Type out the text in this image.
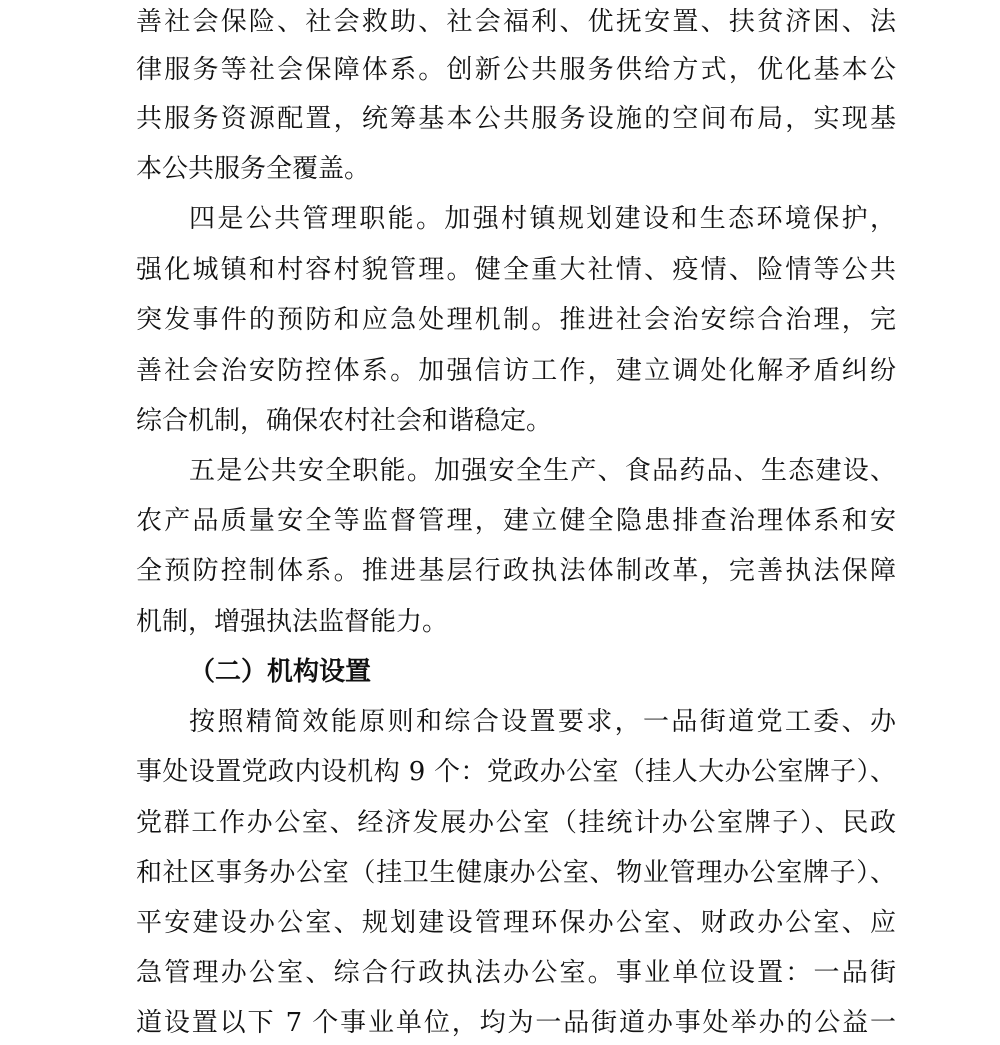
善社会保险、社会救助、社会福利、优抚安置、扶贫济困、法

律服务等社会保障体系。创新公共服务供给方式，优化基本公

共服务资源配置，统筹基本公共服务设施的空间布局，实现基

本公共服务全覆盖。

四是公共管理职能。加强村镇规划建设和生态环境保护，

强化城镇和村容村貌管理。健全重大社情、疫情、险情等公共

突发事件的预防和应急处理机制。推进社会治安综合治理，完

善社会治安防控体系。加强信访工作，建立调处化解矛盾纠纷

综合机制，确保农村社会和谐稳定。

五是公共安全职能。加强安全生产、食品药品、生态建设、

农产品质量安全等监督管理，建立健全隐患排查治理体系和安

全预防控制体系。推进基层行政执法体制改革，完善执法保障

机制，增强执法监督能力。

（二）机构设置

按照精简效能原则和综合设置要求，一品街道党工委、办

事处设置党政内设机构 9 个：党政办公室（挂人大办公室牌子）、

党群工作办公室、经济发展办公室（挂统计办公室牌子）、民政

和社区事务办公室（挂卫生健康办公室、物业管理办公室牌子）、

平安建设办公室、规划建设管理环保办公室、财政办公室、应

急管理办公室、综合行政执法办公室。事业单位设置：一品街

道设置以下 7 个事业单位，均为一品街道办事处举办的公益一
